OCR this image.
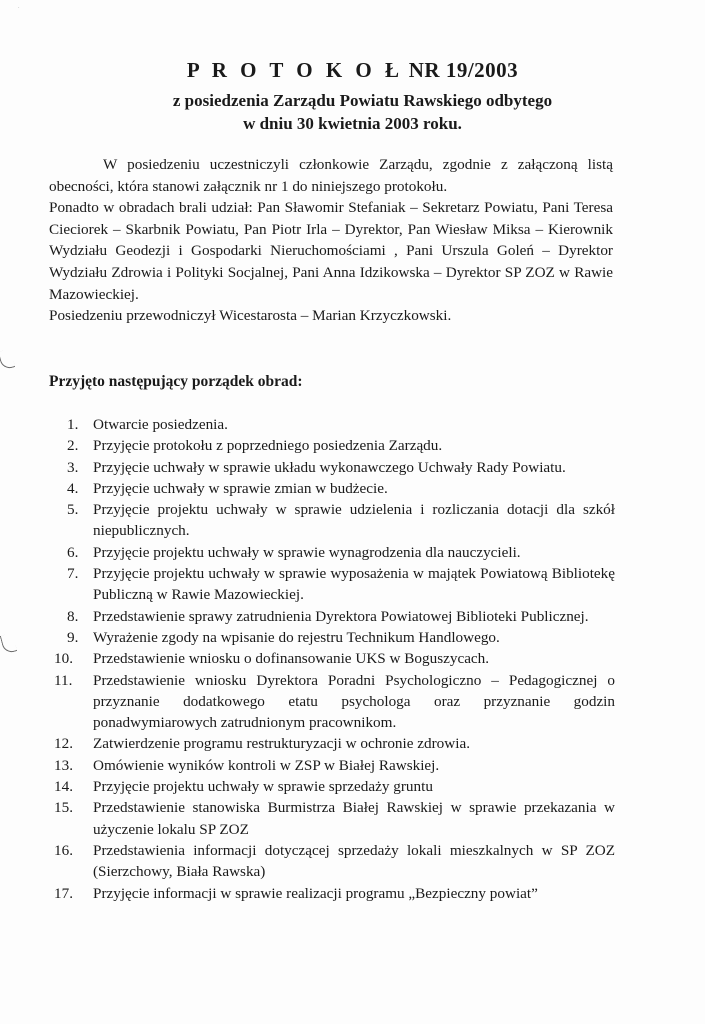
.
P R O T O K O Ł NR 19/2003
z posiedzenia Zarządu Powiatu Rawskiego odbytego
w dniu 30 kwietnia 2003 roku.

W posiedzeniu uczestniczyli członkowie Zarządu, zgodnie z załączoną listą obecności, która stanowi załącznik nr 1 do niniejszego protokołu.

Ponadto w obradach brali udział: Pan Sławomir Stefaniak – Sekretarz Powiatu, Pani Teresa Cieciorek – Skarbnik Powiatu, Pan Piotr Irla – Dyrektor, Pan Wiesław Miksa – Kierownik Wydziału Geodezji i Gospodarki Nieruchomościami , Pani Urszula Goleń – Dyrektor Wydziału Zdrowia i Polityki Socjalnej, Pani Anna Idzikowska – Dyrektor SP ZOZ w Rawie Mazowieckiej.

Posiedzeniu przewodniczył Wicestarosta – Marian Krzyczkowski.

Przyjęto następujący porządek obrad:
1. Otwarcie posiedzenia.
2. Przyjęcie protokołu z poprzedniego posiedzenia Zarządu.
3. Przyjęcie uchwały w sprawie układu wykonawczego Uchwały Rady Powiatu.
4. Przyjęcie uchwały w sprawie zmian w budżecie.
5. Przyjęcie projektu uchwały w sprawie udzielenia i rozliczania dotacji dla szkół niepublicznych.
6. Przyjęcie projektu uchwały w sprawie wynagrodzenia dla nauczycieli.
7. Przyjęcie projektu uchwały w sprawie wyposażenia w majątek Powiatową Bibliotekę Publiczną w Rawie Mazowieckiej.
8. Przedstawienie sprawy zatrudnienia Dyrektora Powiatowej Biblioteki Publicznej.
9. Wyrażenie zgody na wpisanie do rejestru Technikum Handlowego.
10. Przedstawienie wniosku o dofinansowanie UKS w Boguszycach.
11. Przedstawienie wniosku Dyrektora Poradni Psychologiczno – Pedagogicznej o przyznanie dodatkowego etatu psychologa oraz przyznanie godzin ponadwymiarowych zatrudnionym pracownikom.
12. Zatwierdzenie programu restrukturyzacji w ochronie zdrowia.
13. Omówienie wyników kontroli w ZSP w Białej Rawskiej.
14. Przyjęcie projektu uchwały w sprawie sprzedaży gruntu
15. Przedstawienie stanowiska Burmistrza Białej Rawskiej w sprawie przekazania w użyczenie lokalu SP ZOZ
16. Przedstawienia informacji dotyczącej sprzedaży lokali mieszkalnych w SP ZOZ (Sierzchowy, Biała Rawska)
17. Przyjęcie informacji w sprawie realizacji programu „Bezpieczny powiat”
